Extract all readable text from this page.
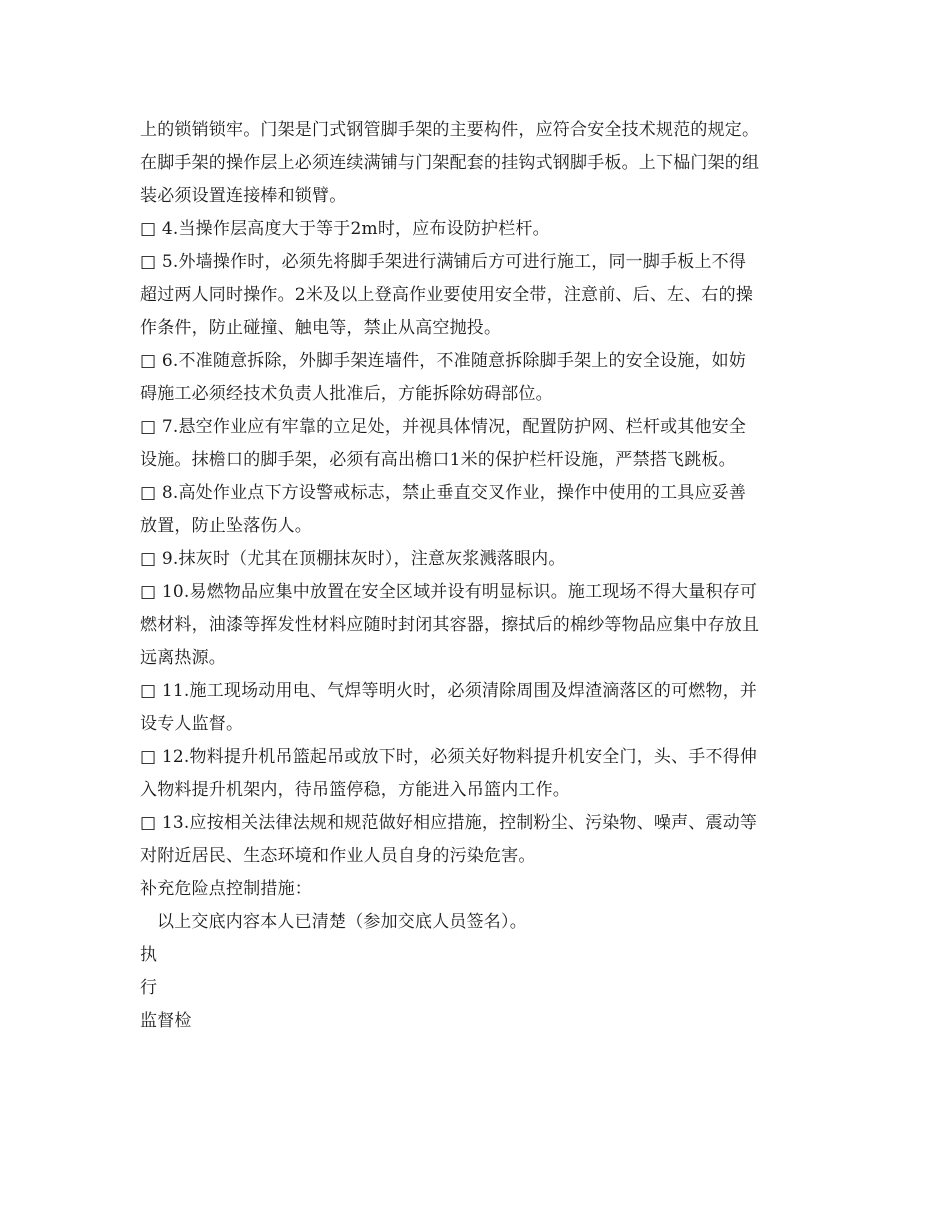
上的锁销锁牢。门架是门式钢管脚手架的主要构件，应符合安全技术规范的规定。
在脚手架的操作层上必须连续满铺与门架配套的挂钩式钢脚手板。上下榀门架的组
装必须设置连接棒和锁臂。
□ 4.当操作层高度大于等于2m时，应布设防护栏杆。
□ 5.外墙操作时，必须先将脚手架进行满铺后方可进行施工，同一脚手板上不得
超过两人同时操作。2米及以上登高作业要使用安全带，注意前、后、左、右的操
作条件，防止碰撞、触电等，禁止从高空抛投。
□ 6.不准随意拆除，外脚手架连墙件，不准随意拆除脚手架上的安全设施，如妨
碍施工必须经技术负责人批准后，方能拆除妨碍部位。
□ 7.悬空作业应有牢靠的立足处，并视具体情况，配置防护网、栏杆或其他安全
设施。抹檐口的脚手架，必须有高出檐口1米的保护栏杆设施，严禁搭飞跳板。
□ 8.高处作业点下方设警戒标志，禁止垂直交叉作业，操作中使用的工具应妥善
放置，防止坠落伤人。
□ 9.抹灰时（尤其在顶棚抹灰时），注意灰浆溅落眼内。
□ 10.易燃物品应集中放置在安全区域并设有明显标识。施工现场不得大量积存可
燃材料，油漆等挥发性材料应随时封闭其容器，擦拭后的棉纱等物品应集中存放且
远离热源。
□ 11.施工现场动用电、气焊等明火时，必须清除周围及焊渣滴落区的可燃物，并
设专人监督。
□ 12.物料提升机吊篮起吊或放下时，必须关好物料提升机安全门，头、手不得伸
入物料提升机架内，待吊篮停稳，方能进入吊篮内工作。
□ 13.应按相关法律法规和规范做好相应措施，控制粉尘、污染物、噪声、震动等
对附近居民、生态环境和作业人员自身的污染危害。
补充危险点控制措施：
以上交底内容本人已清楚（参加交底人员签名）。
执
行
监督检
